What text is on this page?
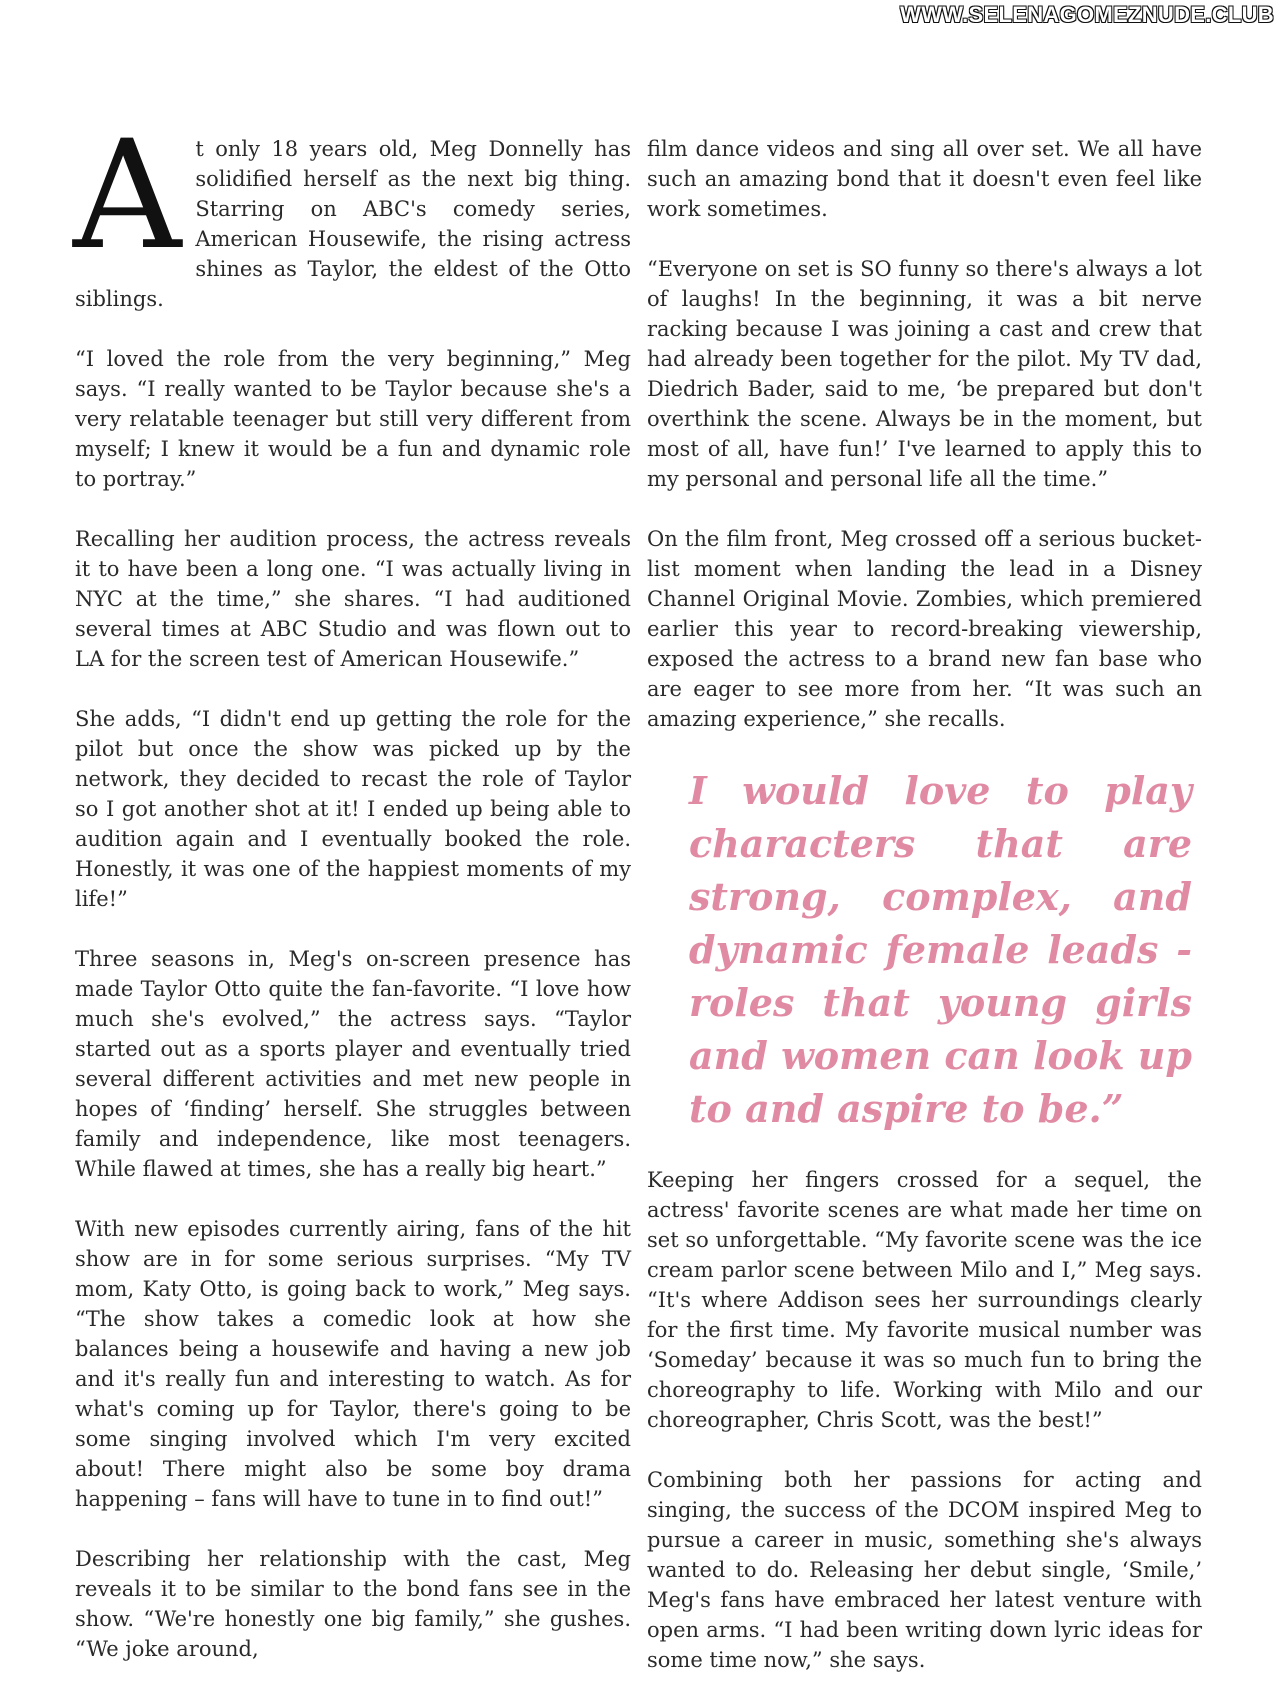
WWW.SELENAGOMEZNUDE.CLUB

A t only 18 years old, Meg Donnelly has solidified herself as the next big thing. Starring on ABC's comedy series, American Housewife, the rising actress shines as Taylor, the eldest of the Otto siblings.

“I loved the role from the very beginning,” Meg says. “I really wanted to be Taylor because she's a very relatable teenager but still very different from myself; I knew it would be a fun and dynamic role to portray.”

Recalling her audition process, the actress reveals it to have been a long one. “I was actually living in NYC at the time,” she shares. “I had auditioned several times at ABC Studio and was flown out to LA for the screen test of American Housewife.”

She adds, “I didn't end up getting the role for the pilot but once the show was picked up by the network, they decided to recast the role of Taylor so I got another shot at it! I ended up being able to audition again and I eventually booked the role. Honestly, it was one of the happiest moments of my life!”

Three seasons in, Meg's on-screen presence has made Taylor Otto quite the fan-favorite. “I love how much she's evolved,” the actress says. “Taylor started out as a sports player and eventually tried several different activities and met new people in hopes of ‘finding’ herself. She struggles between family and independence, like most teenagers. While flawed at times, she has a really big heart.”

With new episodes currently airing, fans of the hit show are in for some serious surprises. “My TV mom, Katy Otto, is going back to work,” Meg says. “The show takes a comedic look at how she balances being a housewife and having a new job and it's really fun and interesting to watch. As for what's coming up for Taylor, there's going to be some singing involved which I'm very excited about! There might also be some boy drama happening – fans will have to tune in to find out!”

Describing her relationship with the cast, Meg reveals it to be similar to the bond fans see in the show. “We're honestly one big family,” she gushes. “We joke around,

film dance videos and sing all over set. We all have such an amazing bond that it doesn't even feel like work sometimes.

“Everyone on set is SO funny so there's always a lot of laughs! In the beginning, it was a bit nerve racking because I was joining a cast and crew that had already been together for the pilot. My TV dad, Diedrich Bader, said to me, ‘be prepared but don't overthink the scene. Always be in the moment, but most of all, have fun!’ I've learned to apply this to my personal and personal life all the time.”

On the film front, Meg crossed off a serious bucket-list moment when landing the lead in a Disney Channel Original Movie. Zombies, which premiered earlier this year to record-breaking viewership, exposed the actress to a brand new fan base who are eager to see more from her. “It was such an amazing experience,” she recalls.

I would love to play characters that are strong, complex, and dynamic female leads - roles that young girls and women can look up to and aspire to be.”

Keeping her fingers crossed for a sequel, the actress' favorite scenes are what made her time on set so unforgettable. “My favorite scene was the ice cream parlor scene between Milo and I,” Meg says. “It's where Addison sees her surroundings clearly for the first time. My favorite musical number was ‘Someday’ because it was so much fun to bring the choreography to life. Working with Milo and our choreographer, Chris Scott, was the best!”

Combining both her passions for acting and singing, the success of the DCOM inspired Meg to pursue a career in music, something she's always wanted to do. Releasing her debut single, ‘Smile,’ Meg's fans have embraced her latest venture with open arms. “I had been writing down lyric ideas for some time now,” she says.
